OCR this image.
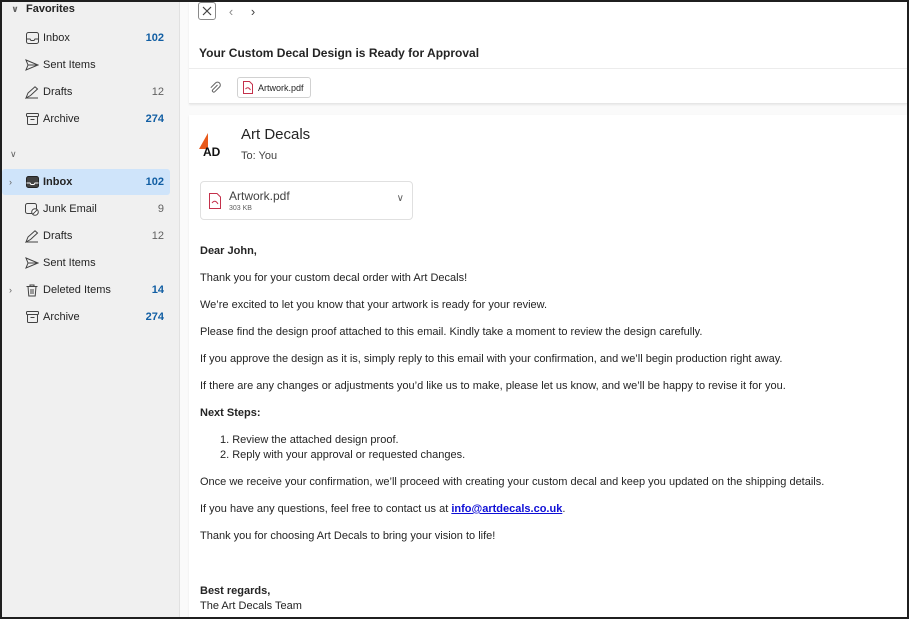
∨ Favorites
Inbox	102
Sent Items
Drafts	12
Archive	274
∨
›	Inbox	102
Junk Email	9
Drafts	12
Sent Items
›	Deleted Items	14
Archive	274
‹	›
Your Custom Decal Design is Ready for Approval
Artwork.pdf
AD
Art Decals
To: You
Artwork.pdf
303 KB
∨
Dear John,
Thank you for your custom decal order with Art Decals!
We’re excited to let you know that your artwork is ready for your review.
Please find the design proof attached to this email. Kindly take a moment to review the design carefully.
If you approve the design as it is, simply reply to this email with your confirmation, and we’ll begin production right away.
If there are any changes or adjustments you’d like us to make, please let us know, and we’ll be happy to revise it for you.
Next Steps:
1. Review the attached design proof.
2. Reply with your approval or requested changes.
Once we receive your confirmation, we’ll proceed with creating your custom decal and keep you updated on the shipping details.
If you have any questions, feel free to contact us at info@artdecals.co.uk.
Thank you for choosing Art Decals to bring your vision to life!
Best regards,
The Art Decals Team
